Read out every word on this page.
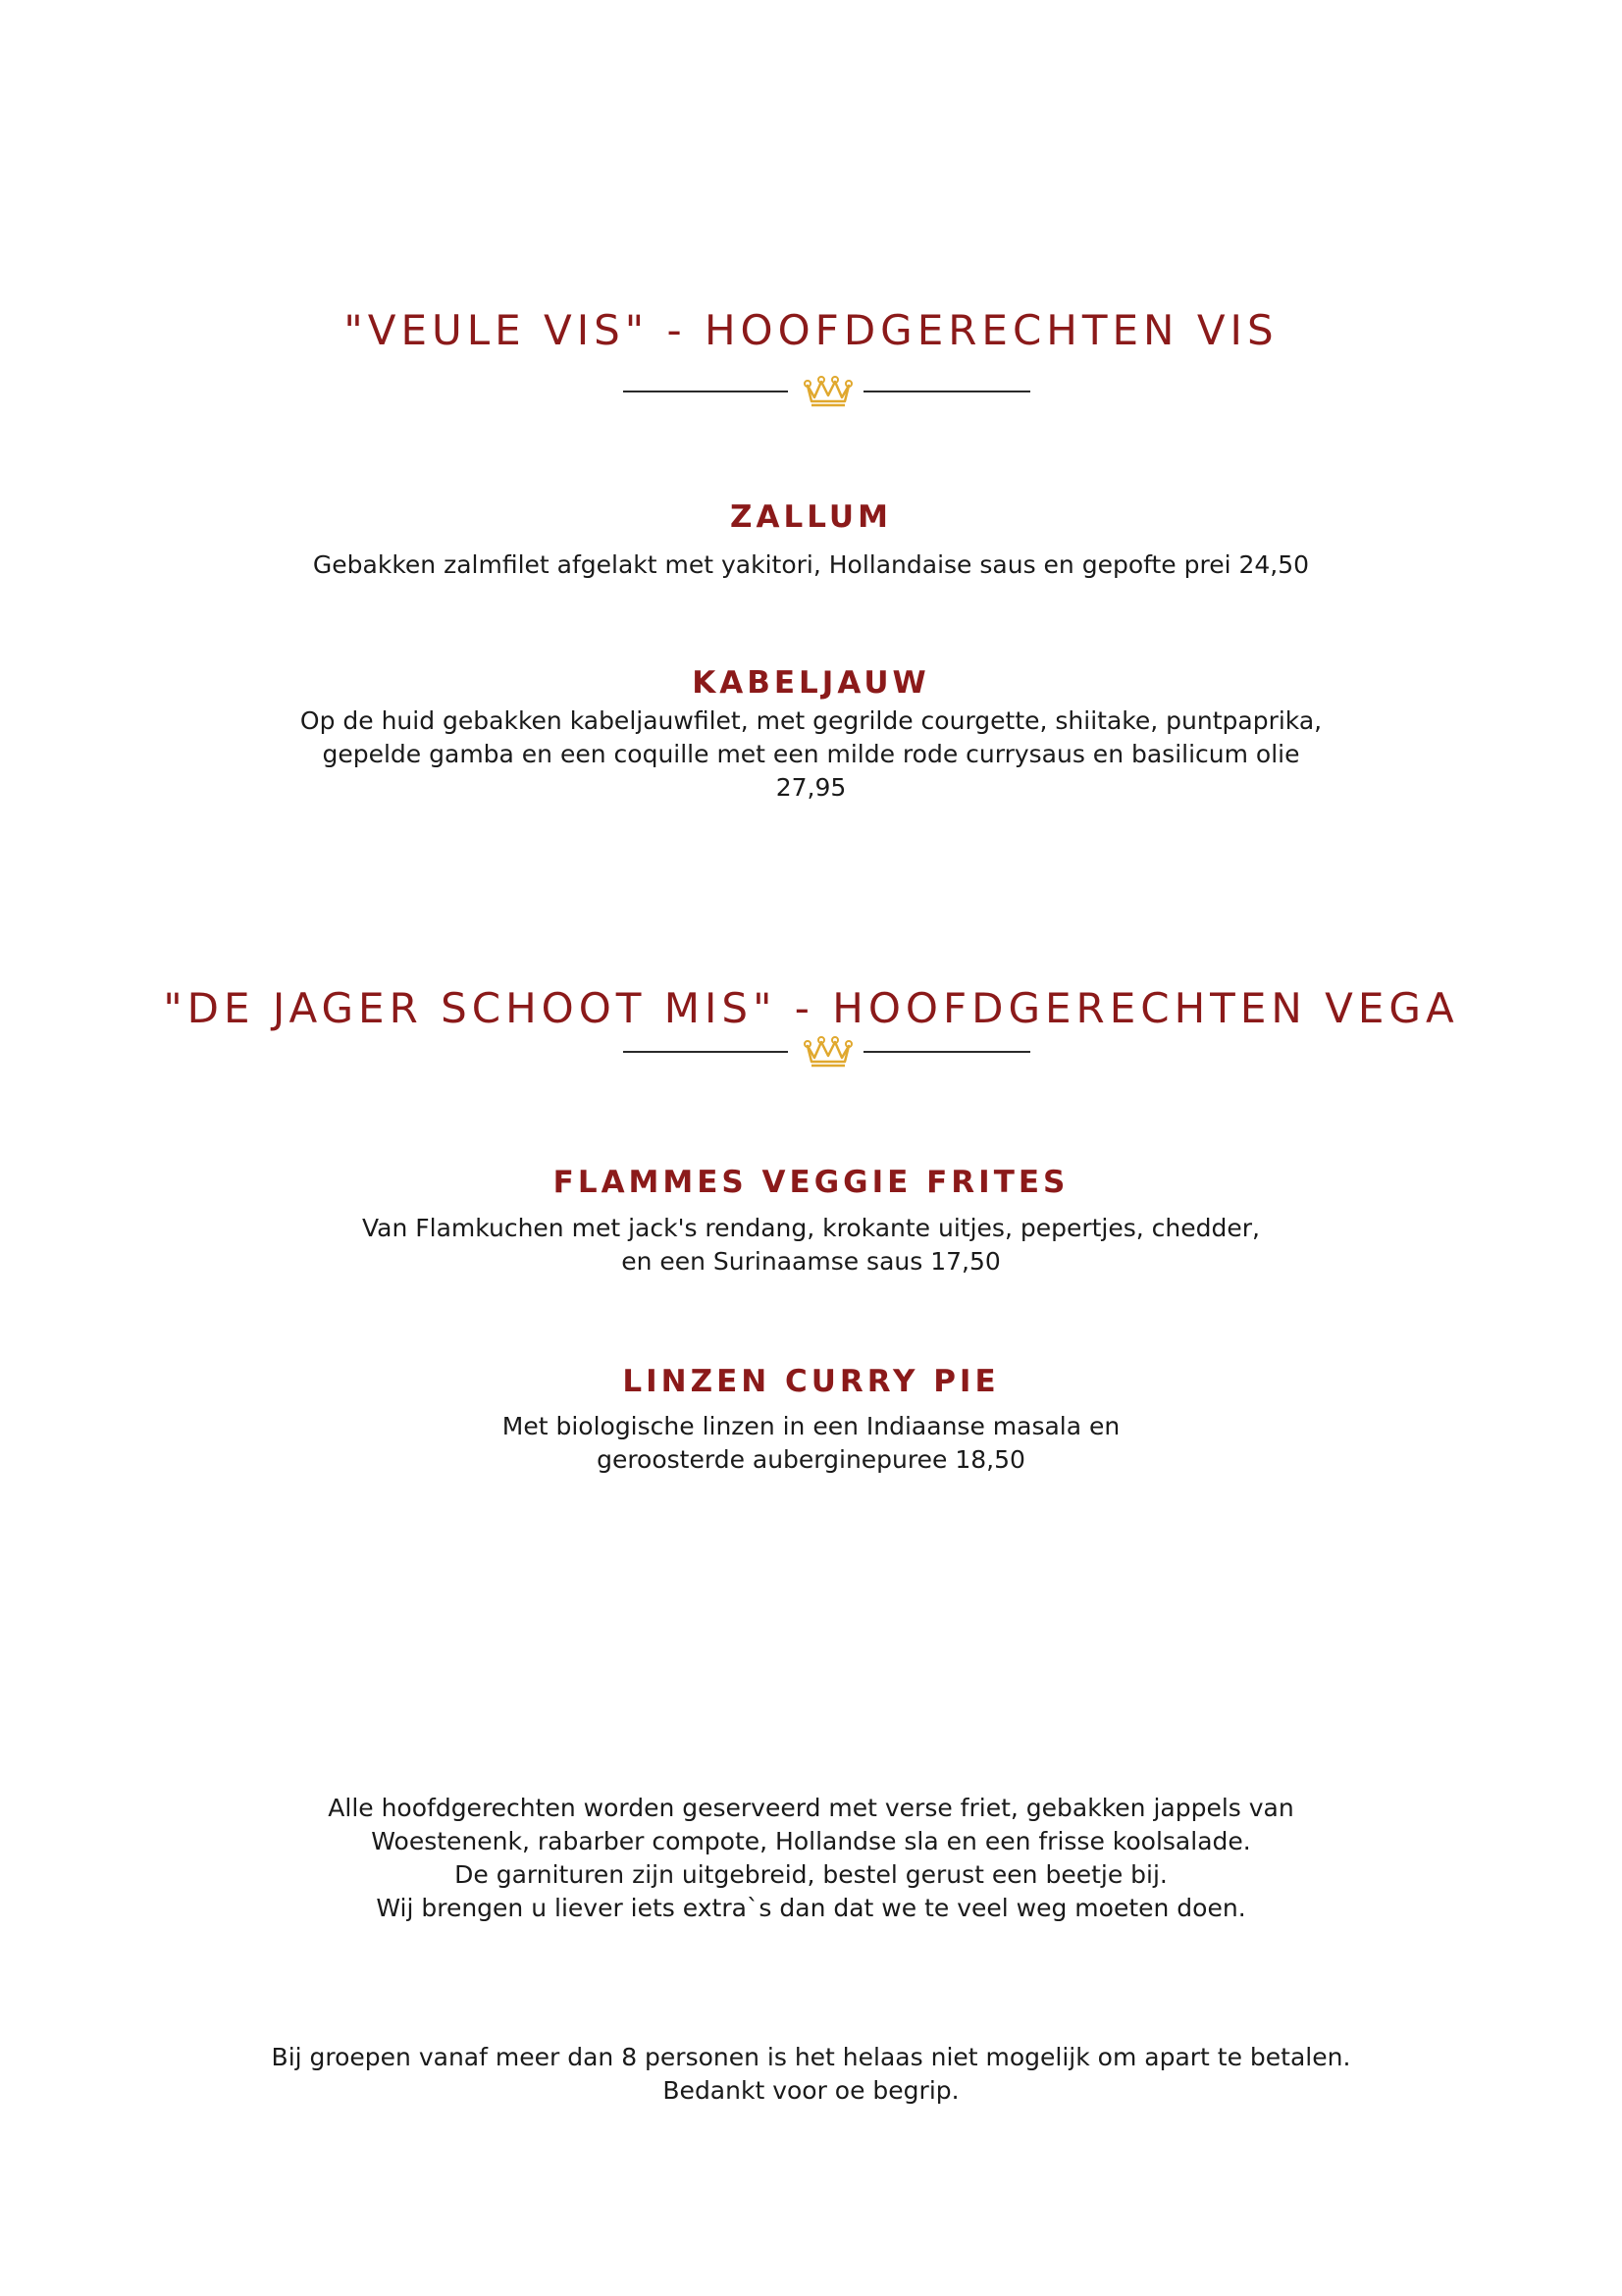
"VEULE VIS" - HOOFDGERECHTEN VIS
ZALLUM

Gebakken zalmfilet afgelakt met yakitori, Hollandaise saus en gepofte prei 24,50

KABELJAUW

Op de huid gebakken kabeljauwfilet, met gegrilde courgette, shiitake, puntpaprika,

gepelde gamba en een coquille met een milde rode currysaus en basilicum olie

27,95

"DE JAGER SCHOOT MIS" - HOOFDGERECHTEN VEGA
FLAMMES VEGGIE FRITES

Van Flamkuchen met jack's rendang, krokante uitjes, pepertjes, chedder,

en een Surinaamse saus 17,50

LINZEN CURRY PIE

Met biologische linzen in een Indiaanse masala en

geroosterde auberginepuree 18,50

Alle hoofdgerechten worden geserveerd met verse friet, gebakken jappels van

Woestenenk, rabarber compote, Hollandse sla en een frisse koolsalade.

De garnituren zijn uitgebreid, bestel gerust een beetje bij.

Wij brengen u liever iets extra`s dan dat we te veel weg moeten doen.

Bij groepen vanaf meer dan 8 personen is het helaas niet mogelijk om apart te betalen.

Bedankt voor oe begrip.
